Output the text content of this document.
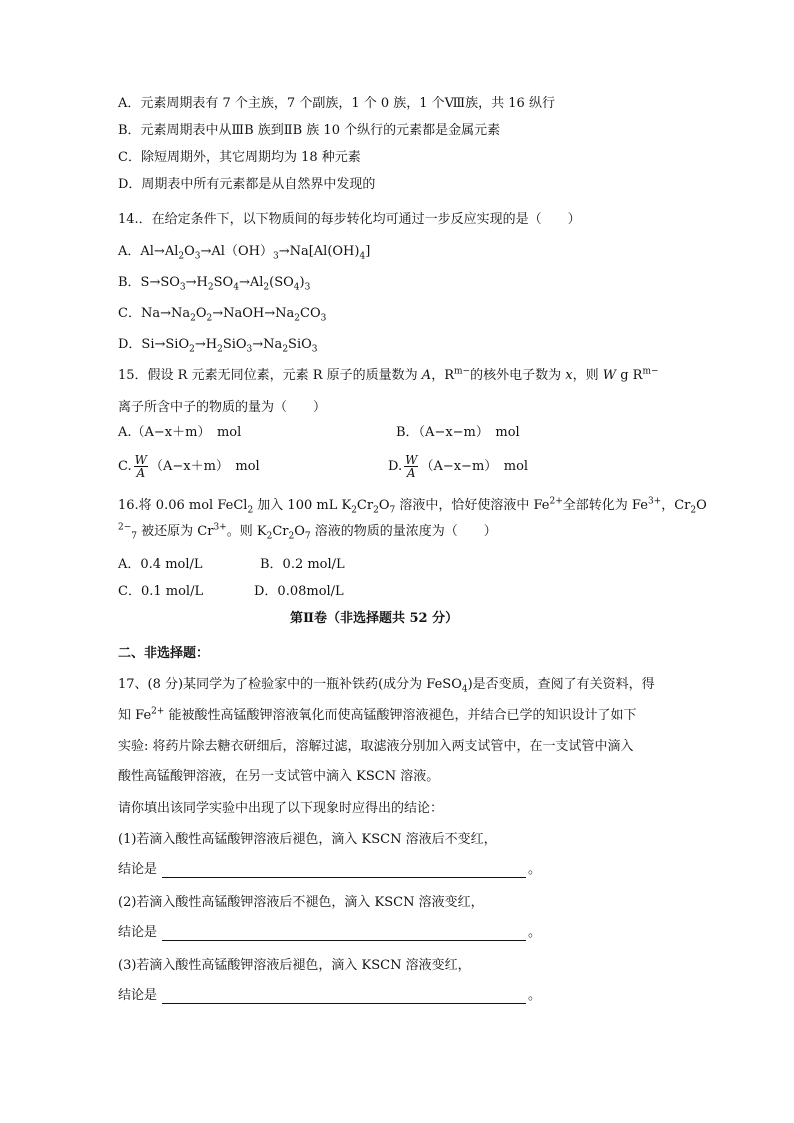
A．元素周期表有 7 个主族，7 个副族，1 个 0 族，1 个Ⅷ族，共 16 纵行
B．元素周期表中从ⅢB 族到ⅡB 族 10 个纵行的元素都是金属元素
C．除短周期外，其它周期均为 18 种元素
D．周期表中所有元素都是从自然界中发现的
14.．在给定条件下，以下物质间的每步转化均可通过一步反应实现的是（　　）
A．$Al\to Al_2O_3\to Al(OH)_3\to Na[Al(OH)_4]$
B．$S\to SO_3\to H_2SO_4\to Al_2(SO_4)_3$
C．$Na\to Na_2O_2\to NaOH\to Na_2CO_3$
D．$Si\to SiO_2\to H_2SiO_3\to Na_2SiO_3$
15．假设 R 元素无同位素，元素 R 原子的质量数为 A，$R^{m-}$的核外电子数为 x，则 W g $R^{m-}$
离子所含中子的物质的量为（　　）
A.（A−x＋m）　mol	B．（A−x−m）　mol
C. $\frac{W}{A} (A-x+m)$　mol	D. $\frac{W}{A} (A-x-m)$　mol
16.将 0.06 mol FeCl$_2$ 加入 100 mL $K_2Cr_2O_7$ 溶液中，恰好使溶液中 $Fe^{2+}$全部转化为 $Fe^{3+}$，$Cr_2O$
$^{2-}_7$ 被还原为 $Cr^{3+}$。则 $K_2Cr_2O_7$ 溶液的物质的量浓度为（　　）
A．0.4 mol/L	B．0.2 mol/L
C．0.1 mol/L	D．0.08mol/L
第Ⅱ卷（非选择题共 52 分）
二、非选择题：
17、(8 分)某同学为了检验家中的一瓶补铁药(成分为 FeSO$_4$)是否变质，查阅了有关资料，得
知 $Fe^{2+}$ 能被酸性高锰酸钾溶液氧化而使高锰酸钾溶液褪色，并结合已学的知识设计了如下
实验: 将药片除去糖衣研细后，溶解过滤，取滤液分别加入两支试管中，在一支试管中滴入
酸性高锰酸钾溶液，在另一支试管中滴入 KSCN 溶液。
请你填出该同学实验中出现了以下现象时应得出的结论：
(1)若滴入酸性高锰酸钾溶液后褪色，滴入 KSCN 溶液后不变红，
结论是	。
(2)若滴入酸性高锰酸钾溶液后不褪色，滴入 KSCN 溶液变红，
结论是	。
(3)若滴入酸性高锰酸钾溶液后褪色，滴入 KSCN 溶液变红，
结论是	。
